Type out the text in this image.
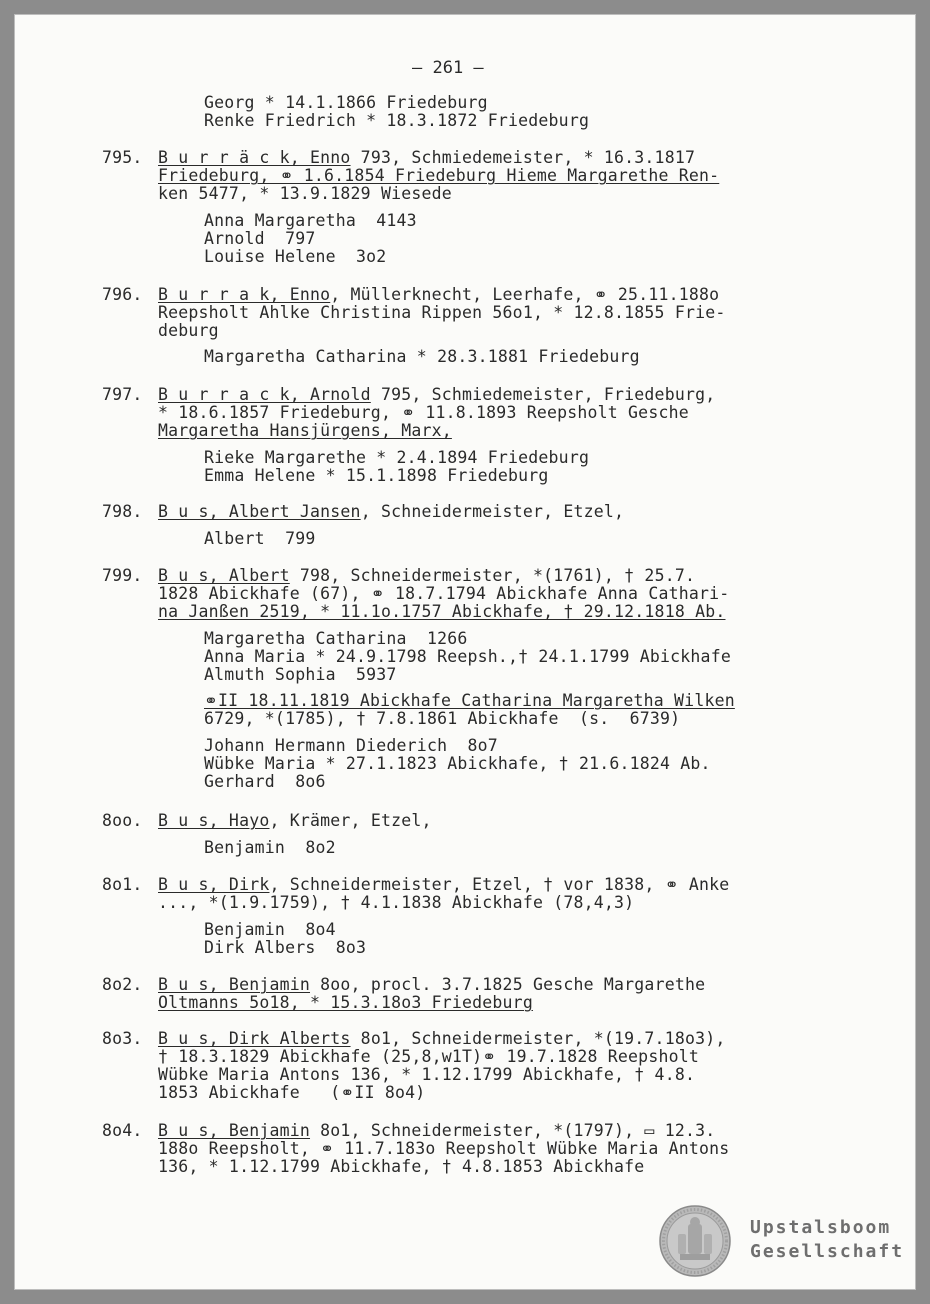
– 261 –
Georg * 14.1.1866 Friedeburg
Renke Friedrich * 18.3.1872 Friedeburg
795. B u r r ä c k, Enno 793, Schmiedemeister, * 16.3.1817
Friedeburg, ⚭ 1.6.1854 Friedeburg Hieme Margarethe Ren-
ken 5477, * 13.9.1829 Wiesede
Anna Margaretha  4143
Arnold  797
Louise Helene  3o2
796. B u r r a k, Enno, Müllerknecht, Leerhafe, ⚭ 25.11.188o
Reepsholt Ahlke Christina Rippen 56o1, * 12.8.1855 Frie-
deburg
Margaretha Catharina * 28.3.1881 Friedeburg
797. B u r r a c k, Arnold 795, Schmiedemeister, Friedeburg,
* 18.6.1857 Friedeburg, ⚭ 11.8.1893 Reepsholt Gesche
Margaretha Hansjürgens, Marx,
Rieke Margarethe * 2.4.1894 Friedeburg
Emma Helene * 15.1.1898 Friedeburg
798. B u s, Albert Jansen, Schneidermeister, Etzel,
Albert  799
799. B u s, Albert 798, Schneidermeister, *(1761), † 25.7.
1828 Abickhafe (67), ⚭ 18.7.1794 Abickhafe Anna Cathari-
na Janßen 2519, * 11.1o.1757 Abickhafe, † 29.12.1818 Ab.
Margaretha Catharina  1266
Anna Maria * 24.9.1798 Reepsh.,† 24.1.1799 Abickhafe
Almuth Sophia  5937
⚭II 18.11.1819 Abickhafe Catharina Margaretha Wilken
6729, *(1785), † 7.8.1861 Abickhafe  (s.  6739)
Johann Hermann Diederich  8o7
Wübke Maria * 27.1.1823 Abickhafe, † 21.6.1824 Ab.
Gerhard  8o6
8oo. B u s, Hayo, Krämer, Etzel,
Benjamin  8o2
8o1. B u s, Dirk, Schneidermeister, Etzel, † vor 1838, ⚭ Anke
..., *(1.9.1759), † 4.1.1838 Abickhafe (78,4,3)
Benjamin  8o4
Dirk Albers  8o3
8o2. B u s, Benjamin 8oo, procl. 3.7.1825 Gesche Margarethe
Oltmanns 5o18, * 15.3.18o3 Friedeburg
8o3. B u s, Dirk Alberts 8o1, Schneidermeister, *(19.7.18o3),
† 18.3.1829 Abickhafe (25,8,w1T)⚭ 19.7.1828 Reepsholt
Wübke Maria Antons 136, * 1.12.1799 Abickhafe, † 4.8.
1853 Abickhafe   (⚭II 8o4)
8o4. B u s, Benjamin 8o1, Schneidermeister, *(1797), ▭ 12.3.
188o Reepsholt, ⚭ 11.7.183o Reepsholt Wübke Maria Antons
136, * 1.12.1799 Abickhafe, † 4.8.1853 Abickhafe
Upstalsboom
Gesellschaft
